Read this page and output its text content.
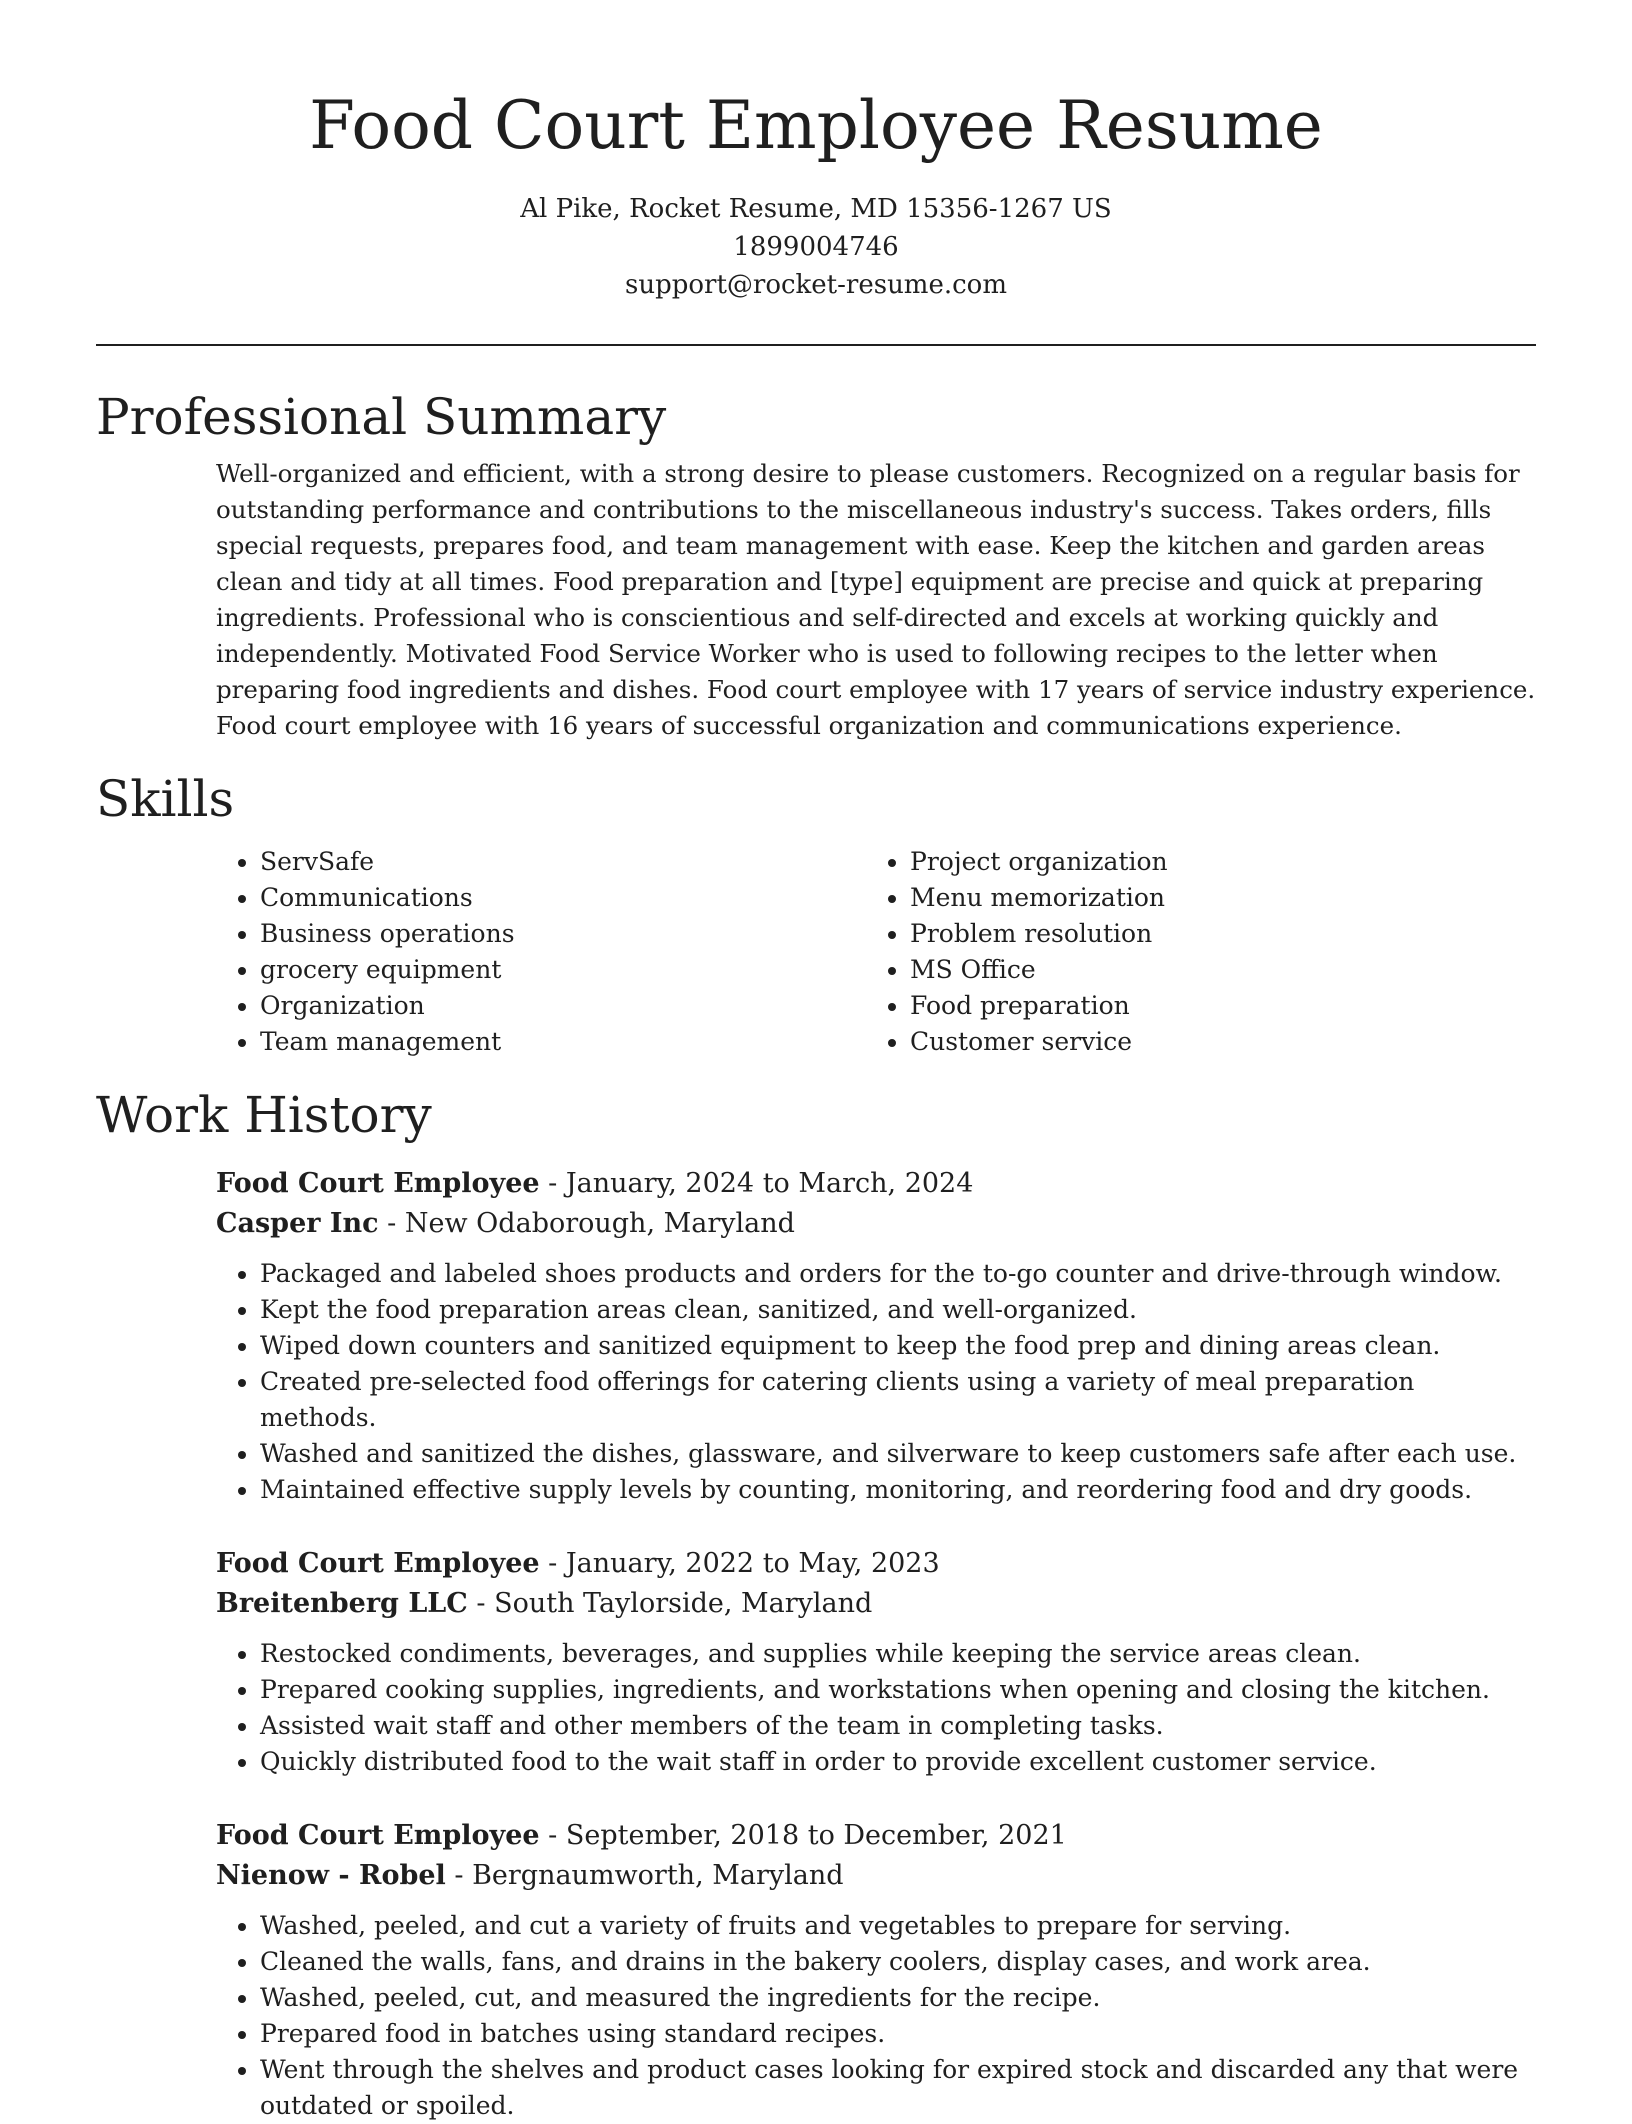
Food Court Employee Resume
Al Pike, Rocket Resume, MD 15356-1267 US
1899004746
support@rocket-resume.com
Professional Summary

Well-organized and efficient, with a strong desire to please customers. Recognized on a regular basis for outstanding performance and contributions to the miscellaneous industry's success. Takes orders, fills special requests, prepares food, and team management with ease. Keep the kitchen and garden areas clean and tidy at all times. Food preparation and [type] equipment are precise and quick at preparing ingredients. Professional who is conscientious and self-directed and excels at working quickly and independently. Motivated Food Service Worker who is used to following recipes to the letter when preparing food ingredients and dishes. Food court employee with 17 years of service industry experience. Food court employee with 16 years of successful organization and communications experience.

Skills
• ServSafe
• Communications
• Business operations
• grocery equipment
• Organization
• Team management
• Project organization
• Menu memorization
• Problem resolution
• MS Office
• Food preparation
• Customer service
Work History
Food Court Employee - January, 2024 to March, 2024
Casper Inc - New Odaborough, Maryland
• Packaged and labeled shoes products and orders for the to-go counter and drive-through window.
• Kept the food preparation areas clean, sanitized, and well-organized.
• Wiped down counters and sanitized equipment to keep the food prep and dining areas clean.
• Created pre-selected food offerings for catering clients using a variety of meal preparation methods.
• Washed and sanitized the dishes, glassware, and silverware to keep customers safe after each use.
• Maintained effective supply levels by counting, monitoring, and reordering food and dry goods.
Food Court Employee - January, 2022 to May, 2023
Breitenberg LLC - South Taylorside, Maryland
• Restocked condiments, beverages, and supplies while keeping the service areas clean.
• Prepared cooking supplies, ingredients, and workstations when opening and closing the kitchen.
• Assisted wait staff and other members of the team in completing tasks.
• Quickly distributed food to the wait staff in order to provide excellent customer service.
Food Court Employee - September, 2018 to December, 2021
Nienow - Robel - Bergnaumworth, Maryland
• Washed, peeled, and cut a variety of fruits and vegetables to prepare for serving.
• Cleaned the walls, fans, and drains in the bakery coolers, display cases, and work area.
• Washed, peeled, cut, and measured the ingredients for the recipe.
• Prepared food in batches using standard recipes.
• Went through the shelves and product cases looking for expired stock and discarded any that were outdated or spoiled.
